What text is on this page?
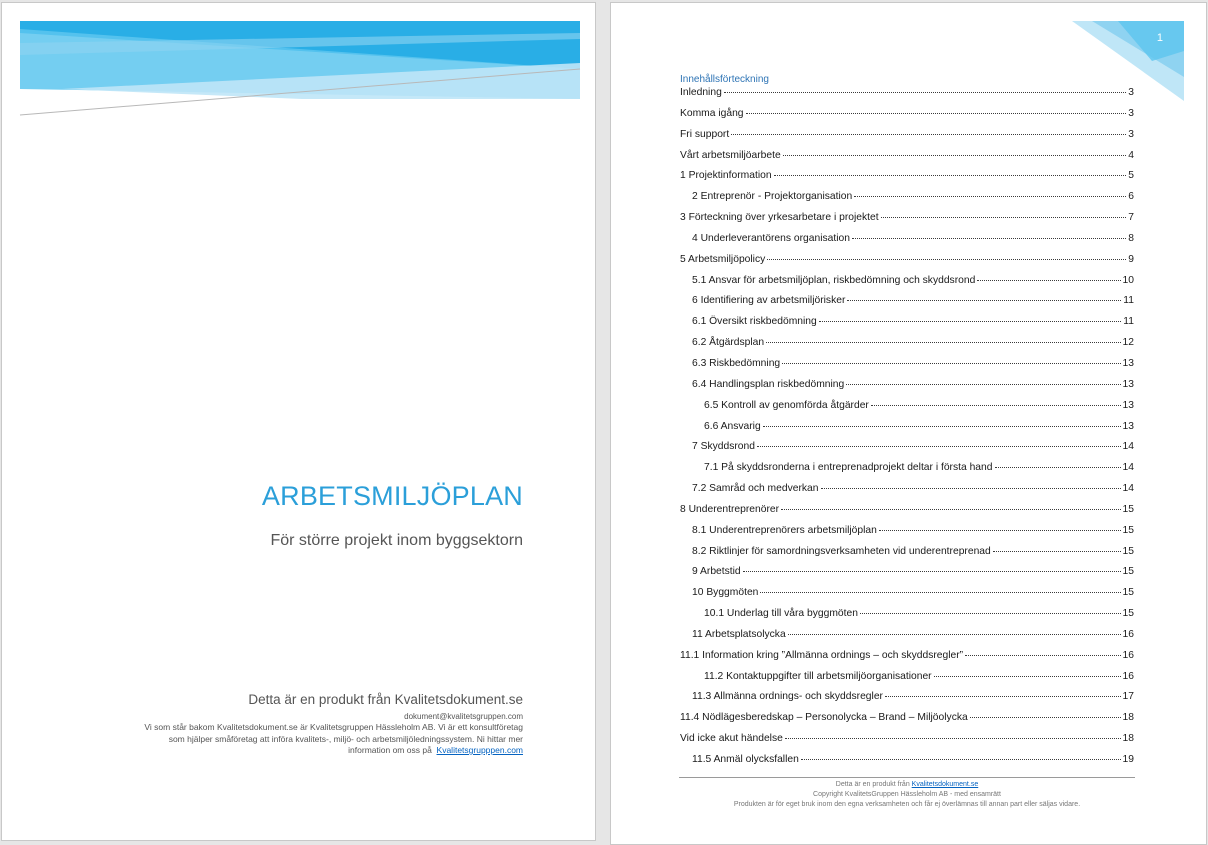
ARBETSMILJÖPLAN
För större projekt inom byggsektorn
Detta är en produkt från Kvalitetsdokument.se
dokument@kvalitetsgruppen.com
Vi som står bakom Kvalitetsdokument.se är Kvalitetsgruppen Hässleholm AB. Vi är ett konsultföretag som hjälper småföretag att införa kvalitets-, miljö- och arbetsmiljöledningssystem. Ni hittar mer information om oss på Kvalitetsgrupppen.com
1
Innehållsförteckning
Inledning	3
Komma igång	3
Fri support	3
Vårt arbetsmiljöarbete	4
1 Projektinformation	5
2 Entreprenör - Projektorganisation	6
3 Förteckning över yrkesarbetare i projektet	7
4 Underleverantörens organisation	8
5 Arbetsmiljöpolicy	9
5.1 Ansvar för arbetsmiljöplan, riskbedömning och skyddsrond	10
6 Identifiering av arbetsmiljörisker	11
6.1 Översikt riskbedömning	11
6.2 Åtgärdsplan	12
6.3 Riskbedömning	13
6.4 Handlingsplan riskbedömning	13
6.5 Kontroll av genomförda åtgärder	13
6.6 Ansvarig	13
7 Skyddsrond	14
7.1 På skyddsronderna i entreprenadprojekt deltar i första hand	14
7.2 Samråd och medverkan	14
8 Underentreprenörer	15
8.1 Underentreprenörers arbetsmiljöplan	15
8.2 Riktlinjer för samordningsverksamheten vid underentreprenad	15
9 Arbetstid	15
10 Byggmöten	15
10.1 Underlag till våra byggmöten	15
11 Arbetsplatsolycka	16
11.1 Information kring ”Allmänna ordnings – och skyddsregler”	16
11.2 Kontaktuppgifter till arbetsmiljöorganisationer	16
11.3 Allmänna ordnings- och skyddsregler	17
11.4 Nödlägesberedskap – Personolycka – Brand – Miljöolycka	18
Vid icke akut händelse	18
11.5 Anmäl olycksfallen	19
Detta är en produkt från Kvalitetsdokument.se
Copyright KvalitetsGruppen Hässleholm AB - med ensamrätt
Produkten är för eget bruk inom den egna verksamheten och får ej överlämnas till annan part eller säljas vidare.
